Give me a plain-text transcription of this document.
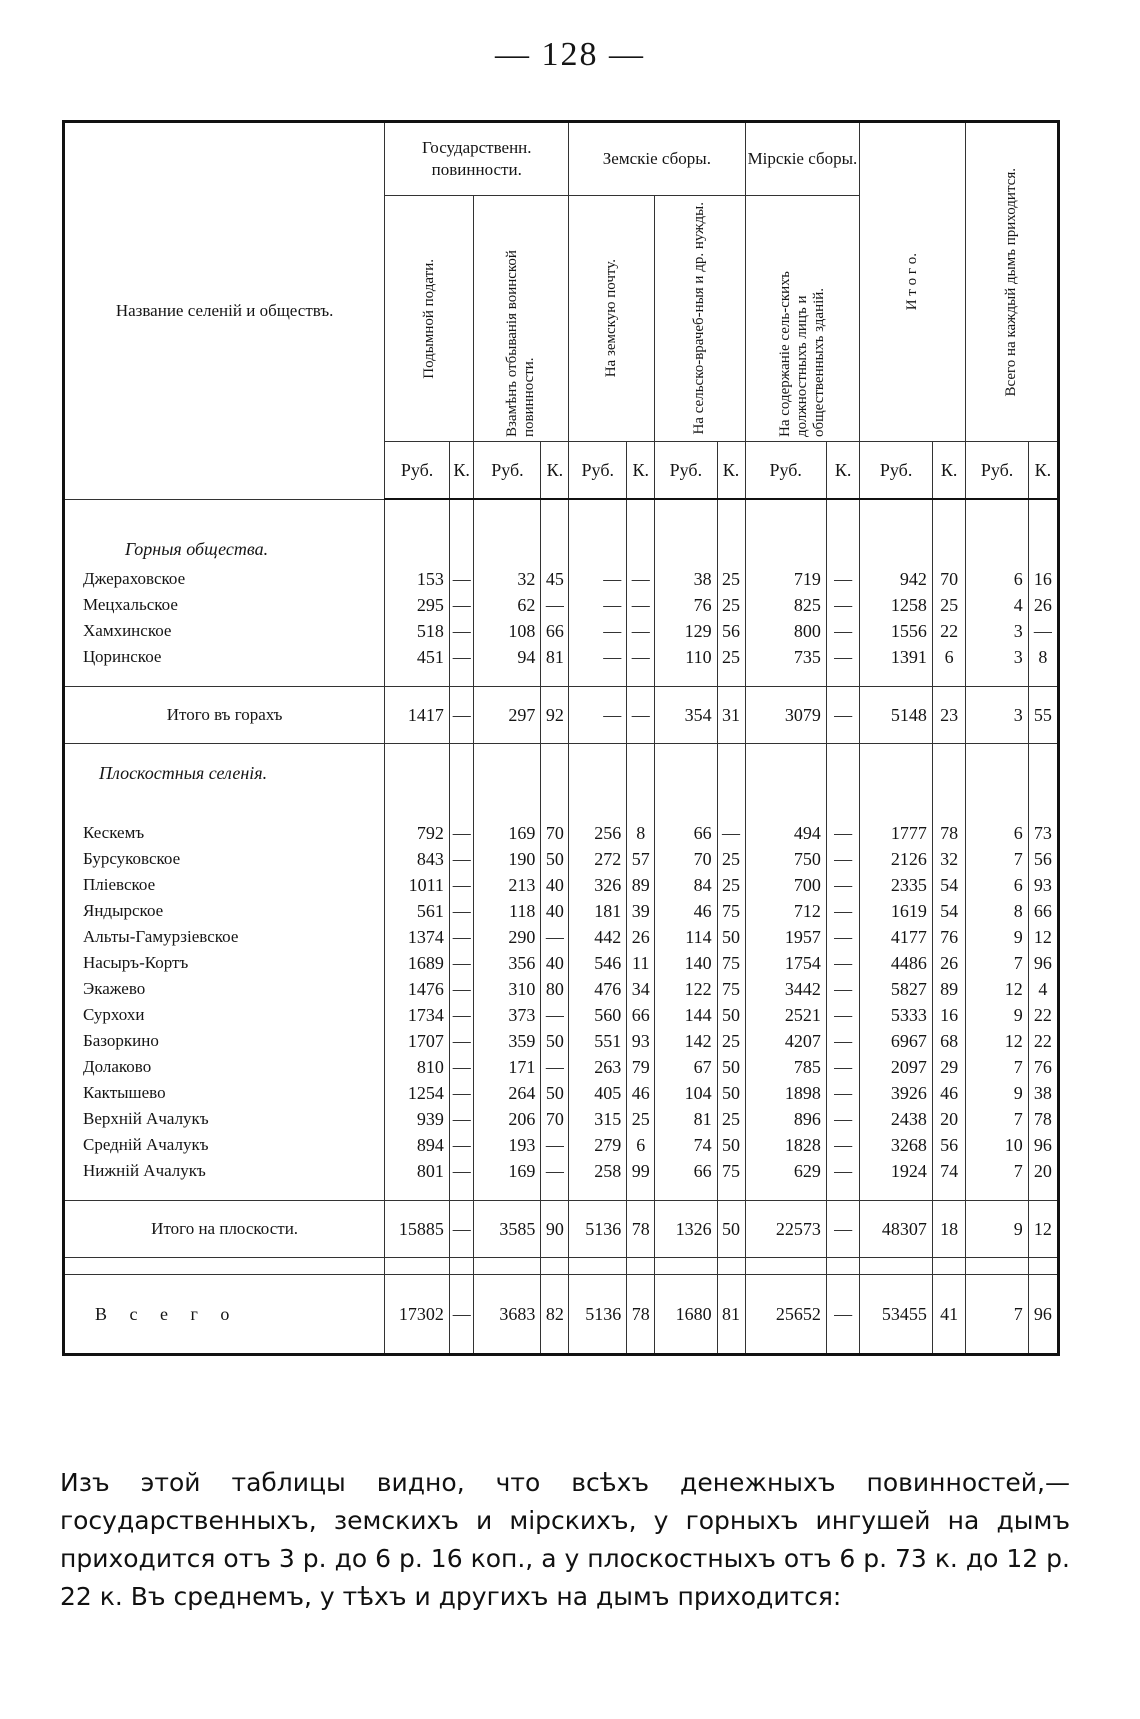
— 128 —
Название селеній и обществъ.	Государственн. повинности.				Земскіе сборы.				Мірскіе сборы.		И т о г о.		Всего на каждый дымъ приходится.	

	Подымной подати.		Взамѣнъ отбыванія воинской повинности.		На земскую почту.		На сельско-врачеб-ныя и др. нужды.		На содержаніе сель-скихъ должностныхъ лицъ и общественныхъ зданій.					

	Руб.	К.	Руб.	К.	Руб.	К.	Руб.	К.	Руб.	К.	Руб.	К.	Руб.	К.
Горныя общества.														
Джераховское	153	—	32	45	—	—	38	25	719	—	942	70	6	16
Мецхальское	295	—	62	—	—	—	76	25	825	—	1258	25	4	26
Хамхинское	518	—	108	66	—	—	129	56	800	—	1556	22	3	—
Цоринское	451	—	94	81	—	—	110	25	735	—	1391	6	3	8

Итого въ горахъ	1417	—	297	92	—	—	354	31	3079	—	5148	23	3	55
Плоскостныя селенія.														

Кескемъ	792	—	169	70	256	8	66	—	494	—	1777	78	6	73
Бурсуковское	843	—	190	50	272	57	70	25	750	—	2126	32	7	56
Пліевское	1011	—	213	40	326	89	84	25	700	—	2335	54	6	93
Яндырское	561	—	118	40	181	39	46	75	712	—	1619	54	8	66
Альты-Гамурзіевское	1374	—	290	—	442	26	114	50	1957	—	4177	76	9	12
Насыръ-Кортъ	1689	—	356	40	546	11	140	75	1754	—	4486	26	7	96
Экажево	1476	—	310	80	476	34	122	75	3442	—	5827	89	12	4
Сурхохи	1734	—	373	—	560	66	144	50	2521	—	5333	16	9	22
Базоркино	1707	—	359	50	551	93	142	25	4207	—	6967	68	12	22
Долаково	810	—	171	—	263	79	67	50	785	—	2097	29	7	76
Кактышево	1254	—	264	50	405	46	104	50	1898	—	3926	46	9	38
Верхній Ачалукъ	939	—	206	70	315	25	81	25	896	—	2438	20	7	78
Средній Ачалукъ	894	—	193	—	279	6	74	50	1828	—	3268	56	10	96
Нижній Ачалукъ	801	—	169	—	258	99	66	75	629	—	1924	74	7	20

Итого на плоскости.	15885	—	3585	90	5136	78	1326	50	22573	—	48307	18	9	12

В с е г о	17302	—	3683	82	5136	78	1680	81	25652	—	53455	41	7	96
Изъ этой таблицы видно, что всѣхъ денежныхъ повинностей,— государственныхъ, земскихъ и мірскихъ, у горныхъ ингушей на дымъ приходится отъ 3 р. до 6 р. 16 коп., а у плоскостныхъ отъ 6 р. 73 к. до 12 р. 22 к. Въ среднемъ, у тѣхъ и другихъ на дымъ приходится:
